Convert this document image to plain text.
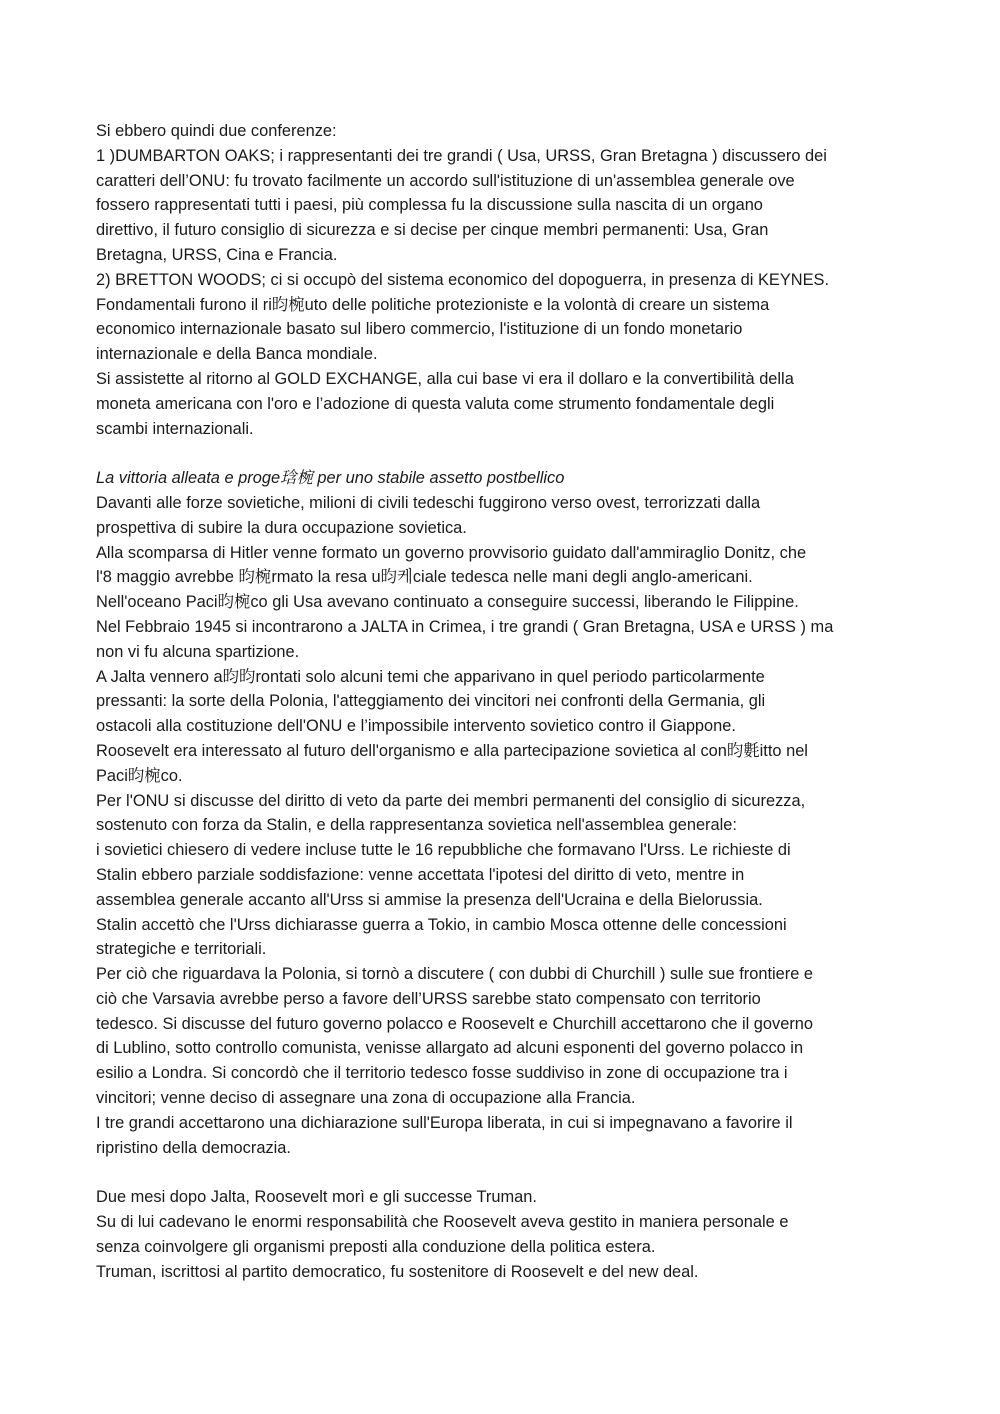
Si ebbero quindi due conferenze:
1 )DUMBARTON OAKS; i rappresentanti dei tre grandi ( Usa, URSS, Gran Bretagna ) discussero dei
caratteri dell’ONU: fu trovato facilmente un accordo sull'istituzione di un'assemblea generale ove
fossero rappresentati tutti i paesi, più complessa fu la discussione sulla nascita di un organo
direttivo, il futuro consiglio di sicurezza e si decise per cinque membri permanenti: Usa, Gran
Bretagna, URSS, Cina e Francia.
2) BRETTON WOODS; ci si occupò del sistema economico del dopoguerra, in presenza di KEYNES.
Fondamentali furono il ri昀椀uto delle politiche protezioniste e la volontà di creare un sistema
economico internazionale basato sul libero commercio, l'istituzione di un fondo monetario
internazionale e della Banca mondiale.
Si assistette al ritorno al GOLD EXCHANGE, alla cui base vi era il dollaro e la convertibilità della
moneta americana con l'oro e l’adozione di questa valuta come strumento fondamentale degli
scambi internazionali.
La vittoria alleata e proge琀椀 per uno stabile assetto postbellico
Davanti alle forze sovietiche, milioni di civili tedeschi fuggirono verso ovest, terrorizzati dalla
prospettiva di subire la dura occupazione sovietica.
Alla scomparsa di Hitler venne formato un governo provvisorio guidato dall'ammiraglio Donitz, che
l'8 maggio avrebbe 昀椀rmato la resa u昀케ciale tedesca nelle mani degli anglo-americani.
Nell'oceano Paci昀椀co gli Usa avevano continuato a conseguire successi, liberando le Filippine.
Nel Febbraio 1945 si incontrarono a JALTA in Crimea, i tre grandi ( Gran Bretagna, USA e URSS ) ma
non vi fu alcuna spartizione.
A Jalta vennero a昀昀rontati solo alcuni temi che apparivano in quel periodo particolarmente
pressanti: la sorte della Polonia, l'atteggiamento dei vincitori nei confronti della Germania, gli
ostacoli alla costituzione dell'ONU e l’impossibile intervento sovietico contro il Giappone.
Roosevelt era interessato al futuro dell'organismo e alla partecipazione sovietica al con昀氀itto nel
Paci昀椀co.
Per l'ONU si discusse del diritto di veto da parte dei membri permanenti del consiglio di sicurezza,
sostenuto con forza da Stalin, e della rappresentanza sovietica nell'assemblea generale:
i sovietici chiesero di vedere incluse tutte le 16 repubbliche che formavano l'Urss. Le richieste di
Stalin ebbero parziale soddisfazione: venne accettata l'ipotesi del diritto di veto, mentre in
assemblea generale accanto all'Urss si ammise la presenza dell'Ucraina e della Bielorussia.
Stalin accettò che l'Urss dichiarasse guerra a Tokio, in cambio Mosca ottenne delle concessioni
strategiche e territoriali.
Per ciò che riguardava la Polonia, si tornò a discutere ( con dubbi di Churchill ) sulle sue frontiere e
ciò che Varsavia avrebbe perso a favore dell’URSS sarebbe stato compensato con territorio
tedesco. Si discusse del futuro governo polacco e Roosevelt e Churchill accettarono che il governo
di Lublino, sotto controllo comunista, venisse allargato ad alcuni esponenti del governo polacco in
esilio a Londra. Si concordò che il territorio tedesco fosse suddiviso in zone di occupazione tra i
vincitori; venne deciso di assegnare una zona di occupazione alla Francia.
I tre grandi accettarono una dichiarazione sull'Europa liberata, in cui si impegnavano a favorire il
ripristino della democrazia.
Due mesi dopo Jalta, Roosevelt morì e gli successe Truman.
Su di lui cadevano le enormi responsabilità che Roosevelt aveva gestito in maniera personale e
senza coinvolgere gli organismi preposti alla conduzione della politica estera.
Truman, iscrittosi al partito democratico, fu sostenitore di Roosevelt e del new deal.
